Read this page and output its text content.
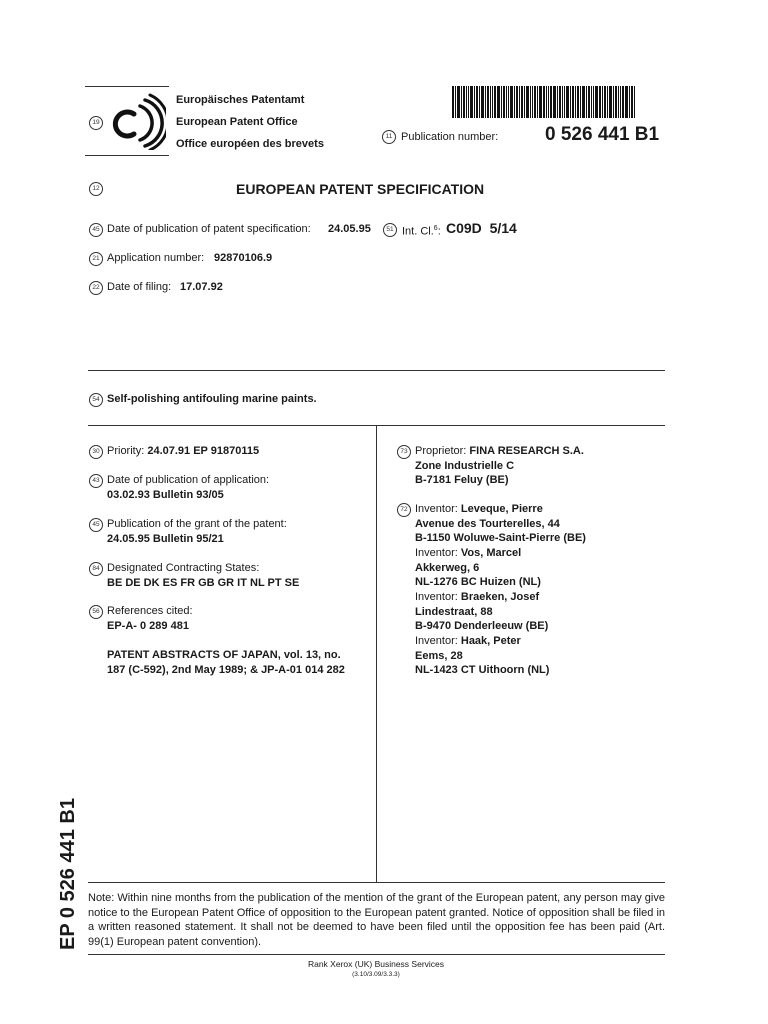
19
Europäisches Patentamt
European Patent Office
Office européen des brevets
11 Publication number: 0 526 441 B1
12	EUROPEAN PATENT SPECIFICATION
45 Date of publication of patent specification: 24.05.95	51 Int. Cl.$^6$: C09D  5/14
21 Application number: 92870106.9
22 Date of filing: 17.07.92
54 Self-polishing antifouling marine paints.
30 Priority: 24.07.91 EP 91870115
43 Date of publication of application:
03.02.93 Bulletin 93/05
45 Publication of the grant of the patent:
24.05.95 Bulletin 95/21
84 Designated Contracting States:
BE DE DK ES FR GB GR IT NL PT SE
56 References cited:
EP-A- 0 289 481
PATENT ABSTRACTS OF JAPAN, vol. 13, no.
187 (C-592), 2nd May 1989; & JP-A-01 014 282
73 Proprietor: FINA RESEARCH S.A.
Zone Industrielle C
B-7181 Feluy (BE)
72 Inventor: Leveque, Pierre
Avenue des Tourterelles, 44
B-1150 Woluwe-Saint-Pierre (BE)
Inventor: Vos, Marcel
Akkerweg, 6
NL-1276 BC Huizen (NL)
Inventor: Braeken, Josef
Lindestraat, 88
B-9470 Denderleeuw (BE)
Inventor: Haak, Peter
Eems, 28
NL-1423 CT Uithoorn (NL)
EP 0 526 441 B1 Note: Within nine months from the publication of the mention of the grant of the European patent, any person may give notice to the European Patent Office of opposition to the European patent granted. Notice of opposition shall be filed in a written reasoned statement. It shall not be deemed to have been filed until the opposition fee has been paid (Art. 99(1) European patent convention).
Rank Xerox (UK) Business Services
(3.10/3.09/3.3.3)
